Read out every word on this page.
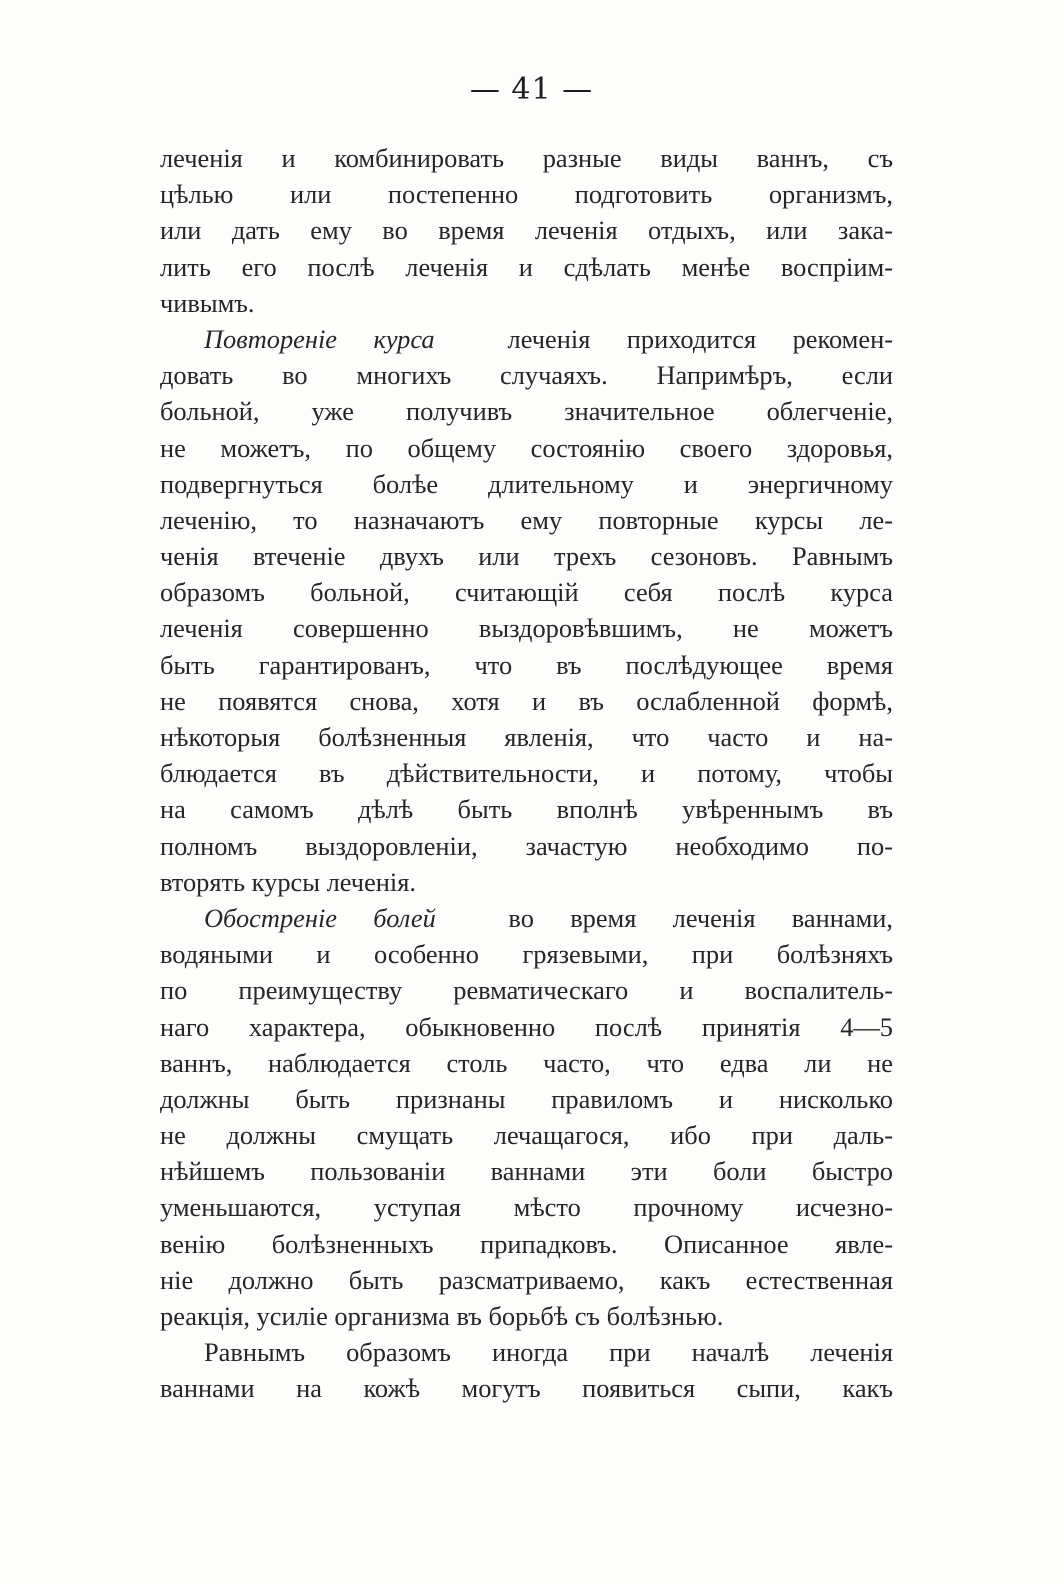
— 41 —
леченія и комбинировать разные виды ваннъ, съ
цѣлью или постепенно подготовить организмъ,
или дать ему во время леченія отдыхъ, или зака-
лить его послѣ леченія и сдѣлать менѣе воспріим-
чивымъ.
Повтореніе курса	леченія приходится рекомен-
довать во многихъ случаяхъ. Напримѣръ, если
больной, уже получивъ значительное облегченіе,
не можетъ, по общему состоянію своего здоровья,
подвергнуться болѣе длительному и энергичному
леченію, то назначаютъ ему повторные курсы ле-
ченія втеченіе двухъ или трехъ сезоновъ. Равнымъ
образомъ больной, считающій себя послѣ курса
леченія совершенно выздоровѣвшимъ, не можетъ
быть гарантированъ, что въ послѣдующее время
не появятся снова, хотя и въ ослабленной формѣ,
нѣкоторыя болѣзненныя явленія, что часто и на-
блюдается въ дѣйствительности, и потому, чтобы
на самомъ дѣлѣ быть вполнѣ увѣреннымъ въ
полномъ выздоровленіи, зачастую необходимо по-
вторять курсы леченія.
Обостреніе болей	во время леченія ваннами,
водяными и особенно грязевыми, при болѣзняхъ
по преимуществу ревматическаго и воспалитель-
наго характера, обыкновенно послѣ принятія 4—5
ваннъ, наблюдается столь часто, что едва ли не
должны быть признаны правиломъ и нисколько
не должны смущать лечащагося, ибо при даль-
нѣйшемъ пользованіи ваннами эти боли быстро
уменьшаются, уступая мѣсто прочному исчезно-
венію болѣзненныхъ припадковъ. Описанное явле-
ніе должно быть разсматриваемо, какъ естественная
реакція, усиліе организма въ борьбѣ съ болѣзнью.
Равнымъ образомъ иногда при началѣ леченія
ваннами на кожѣ могутъ появиться сыпи, какъ
